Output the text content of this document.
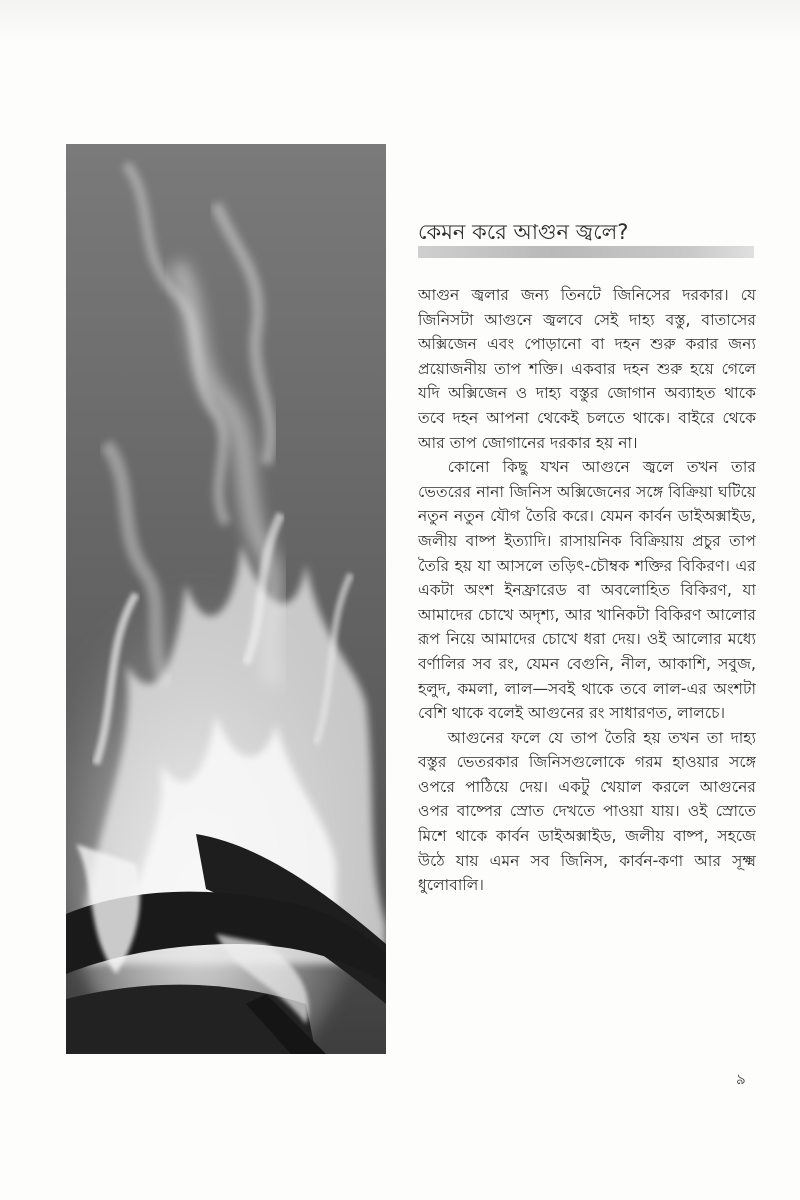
কেমন করে আগুন জ্বলে?

আগুন জ্বলার জন্য তিনটে জিনিসের দরকার। যে জিনিসটা আগুনে জ্বলবে সেই দাহ্য বস্তু, বাতাসের অক্সিজেন এবং পোড়ানো বা দহন শুরু করার জন্য প্রয়োজনীয় তাপ শক্তি। একবার দহন শুরু হয়ে গেলে যদি অক্সিজেন ও দাহ্য বস্তুর জোগান অব্যাহত থাকে তবে দহন আপনা থেকেই চলতে থাকে। বাইরে থেকে আর তাপ জোগানের দরকার হয় না।

কোনো কিছু যখন আগুনে জ্বলে তখন তার ভেতরের নানা জিনিস অক্সিজেনের সঙ্গে বিক্রিয়া ঘটিয়ে নতুন নতুন যৌগ তৈরি করে। যেমন কার্বন ডাইঅক্সাইড, জলীয় বাষ্প ইত্যাদি। রাসায়নিক বিক্রিয়ায় প্রচুর তাপ তৈরি হয় যা আসলে তড়িৎ-চৌম্বক শক্তির বিকিরণ। এর একটা অংশ ইনফ্রারেড বা অবলোহিত বিকিরণ, যা আমাদের চোখে অদৃশ্য, আর খানিকটা বিকিরণ আলোর রূপ নিয়ে আমাদের চোখে ধরা দেয়। ওই আলোর মধ্যে বর্ণালির সব রং, যেমন বেগুনি, নীল, আকাশি, সবুজ, হলুদ, কমলা, লাল—সবই থাকে তবে লাল-এর অংশটা বেশি থাকে বলেই আগুনের রং সাধারণত, লালচে।

আগুনের ফলে যে তাপ তৈরি হয় তখন তা দাহ্য বস্তুর ভেতরকার জিনিসগুলোকে গরম হাওয়ার সঙ্গে ওপরে পাঠিয়ে দেয়। একটু খেয়াল করলে আগুনের ওপর বাষ্পের স্রোত দেখতে পাওয়া যায়। ওই স্রোতে মিশে থাকে কার্বন ডাইঅক্সাইড, জলীয় বাষ্প, সহজে উঠে যায় এমন সব জিনিস, কার্বন-কণা আর সূক্ষ্ম ধুলোবালি।

৯
